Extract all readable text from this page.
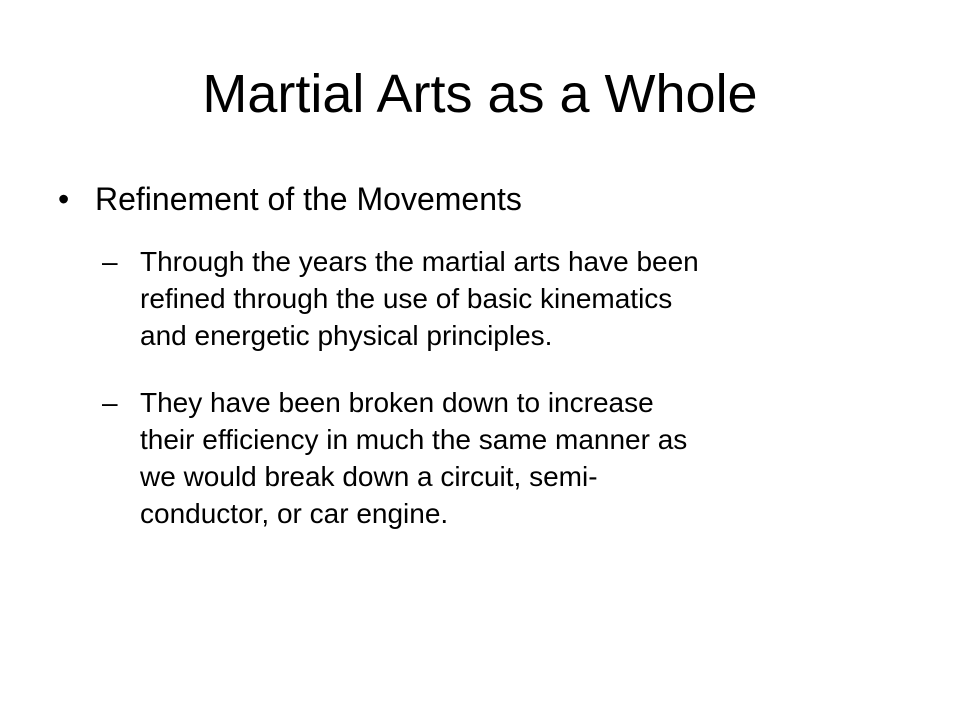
Martial Arts as a Whole
• Refinement of the Movements
– Through the years the martial arts have been
refined through the use of basic kinematics
and energetic physical principles.
– They have been broken down to increase
their efficiency in much the same manner as
we would break down a circuit, semi-
conductor, or car engine.
